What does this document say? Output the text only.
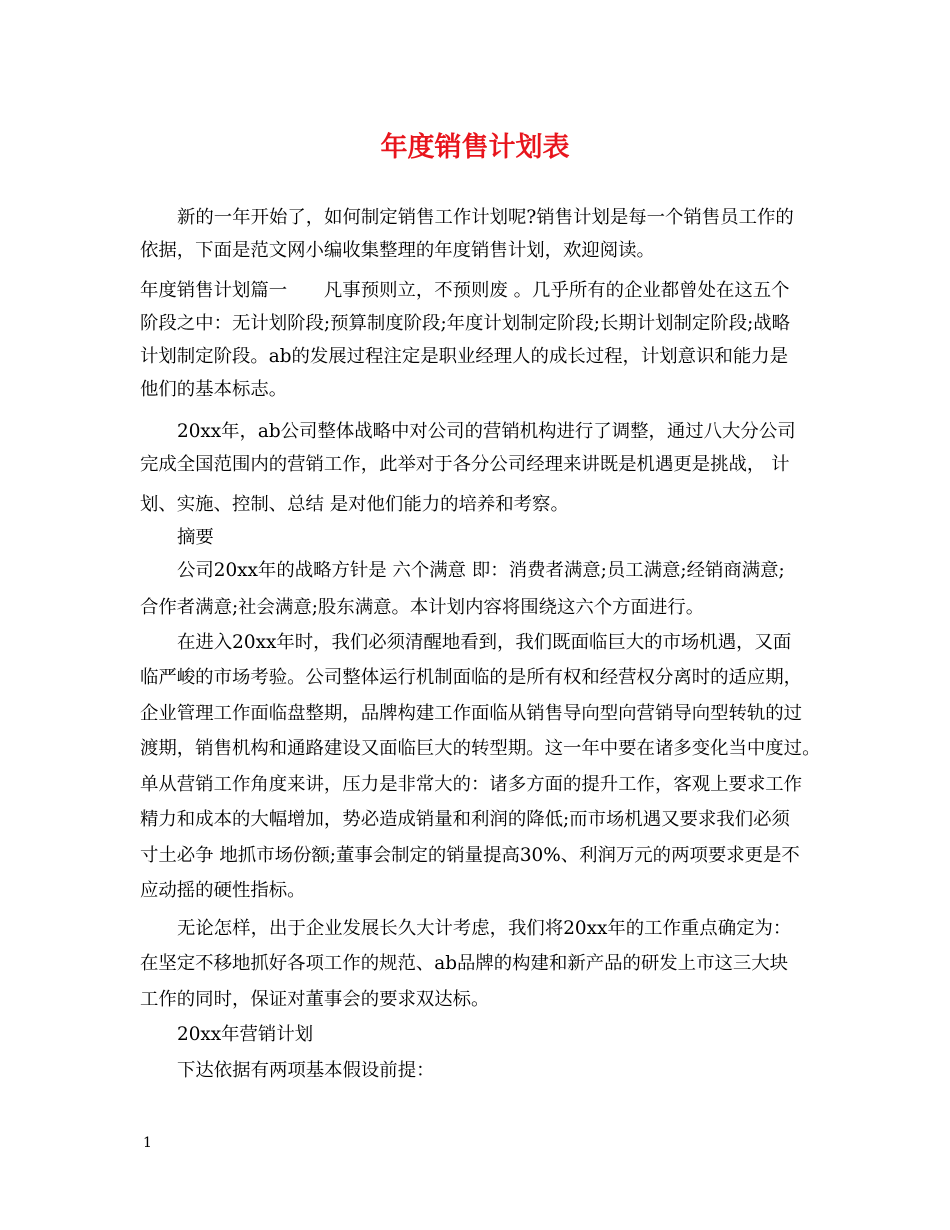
年度销售计划表
新的一年开始了，如何制定销售工作计划呢?销售计划是每一个销售员工作的
依据，下面是范文网小编收集整理的年度销售计划，欢迎阅读。
年度销售计划篇一　　凡事预则立，不预则废 。几乎所有的企业都曾处在这五个
阶段之中：无计划阶段;预算制度阶段;年度计划制定阶段;长期计划制定阶段;战略
计划制定阶段。ab的发展过程注定是职业经理人的成长过程，计划意识和能力是
他们的基本标志。
20xx年，ab公司整体战略中对公司的营销机构进行了调整，通过八大分公司
完成全国范围内的营销工作，此举对于各分公司经理来讲既是机遇更是挑战， 计
划、实施、控制、总结 是对他们能力的培养和考察。
摘要
公司20xx年的战略方针是 六个满意 即：消费者满意;员工满意;经销商满意;
合作者满意;社会满意;股东满意。本计划内容将围绕这六个方面进行。
在进入20xx年时，我们必须清醒地看到，我们既面临巨大的市场机遇，又面
临严峻的市场考验。公司整体运行机制面临的是所有权和经营权分离时的适应期，
企业管理工作面临盘整期，品牌构建工作面临从销售导向型向营销导向型转轨的过
渡期，销售机构和通路建设又面临巨大的转型期。这一年中要在诸多变化当中度过。
单从营销工作角度来讲，压力是非常大的：诸多方面的提升工作，客观上要求工作
精力和成本的大幅增加，势必造成销量和利润的降低;而市场机遇又要求我们必须
寸土必争 地抓市场份额;董事会制定的销量提高30%、利润万元的两项要求更是不
应动摇的硬性指标。
无论怎样，出于企业发展长久大计考虑，我们将20xx年的工作重点确定为：
在坚定不移地抓好各项工作的规范、ab品牌的构建和新产品的研发上市这三大块
工作的同时，保证对董事会的要求双达标。
20xx年营销计划
下达依据有两项基本假设前提：
1
